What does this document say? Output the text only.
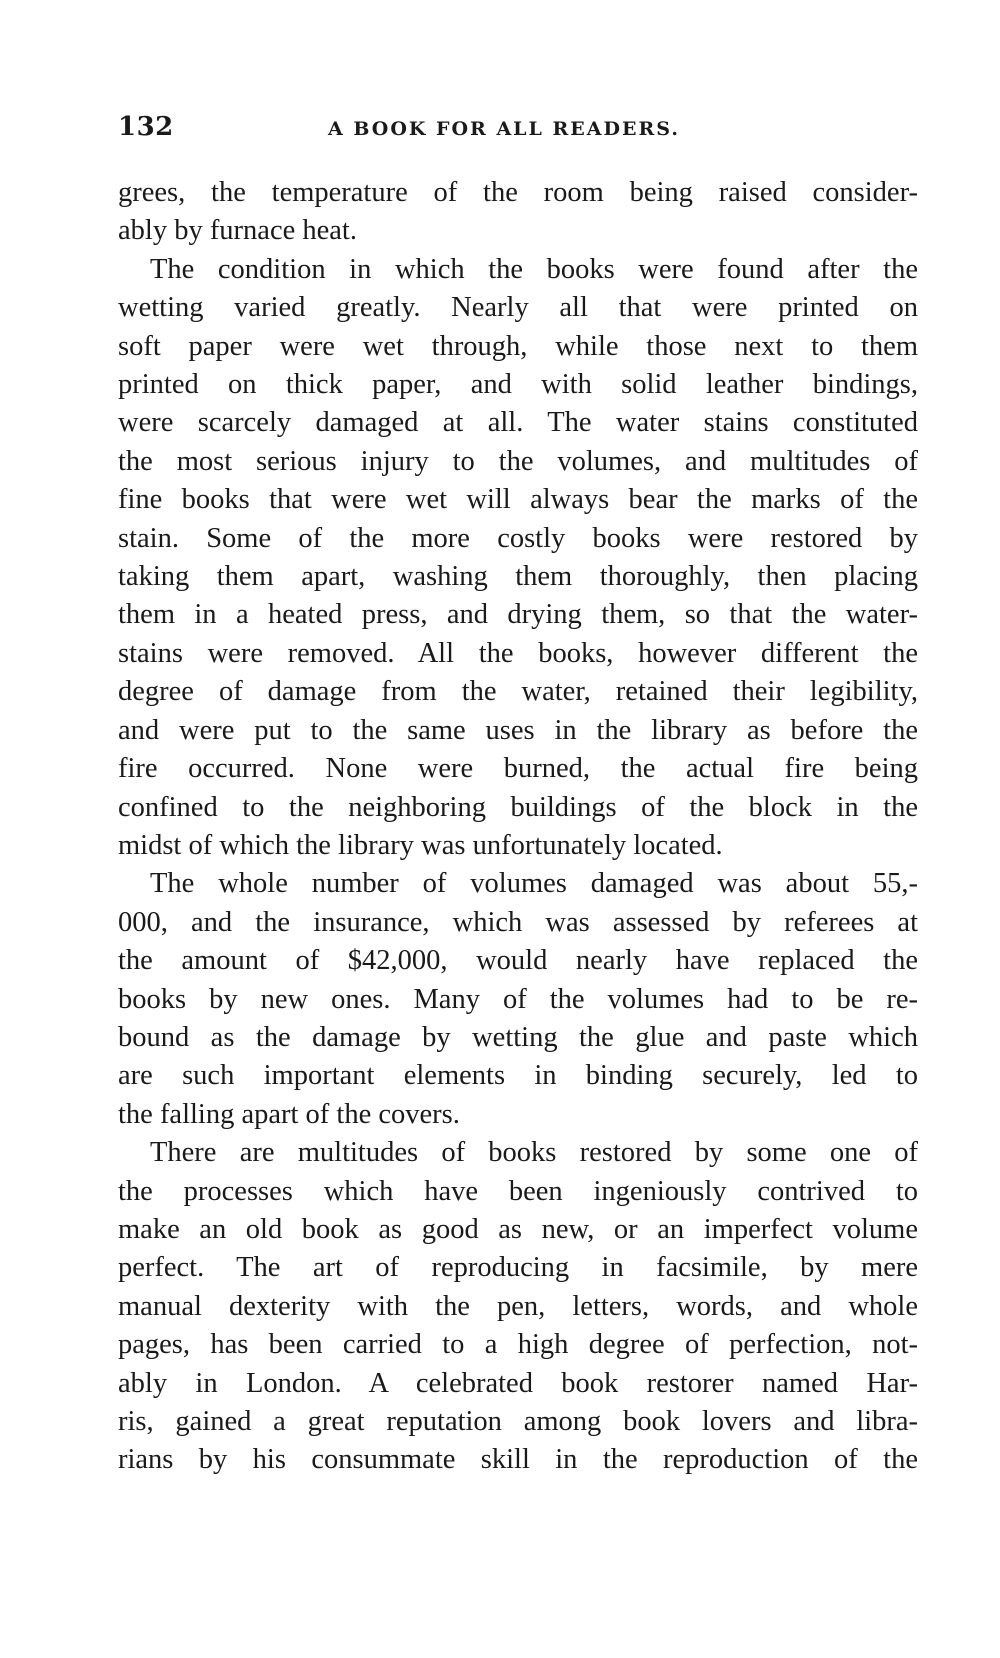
132	A BOOK FOR ALL READERS.
grees, the temperature of the room being raised consider-
ably by furnace heat.
The condition in which the books were found after the
wetting varied greatly. Nearly all that were printed on
soft paper were wet through, while those next to them
printed on thick paper, and with solid leather bindings,
were scarcely damaged at all. The water stains constituted
the most serious injury to the volumes, and multitudes of
fine books that were wet will always bear the marks of the
stain. Some of the more costly books were restored by
taking them apart, washing them thoroughly, then placing
them in a heated press, and drying them, so that the water-
stains were removed. All the books, however different the
degree of damage from the water, retained their legibility,
and were put to the same uses in the library as before the
fire occurred. None were burned, the actual fire being
confined to the neighboring buildings of the block in the
midst of which the library was unfortunately located.
The whole number of volumes damaged was about 55,-
000, and the insurance, which was assessed by referees at
the amount of $42,000, would nearly have replaced the
books by new ones. Many of the volumes had to be re-
bound as the damage by wetting the glue and paste which
are such important elements in binding securely, led to
the falling apart of the covers.
There are multitudes of books restored by some one of
the processes which have been ingeniously contrived to
make an old book as good as new, or an imperfect volume
perfect. The art of reproducing in facsimile, by mere
manual dexterity with the pen, letters, words, and whole
pages, has been carried to a high degree of perfection, not-
ably in London. A celebrated book restorer named Har-
ris, gained a great reputation among book lovers and libra-
rians by his consummate skill in the reproduction of the
